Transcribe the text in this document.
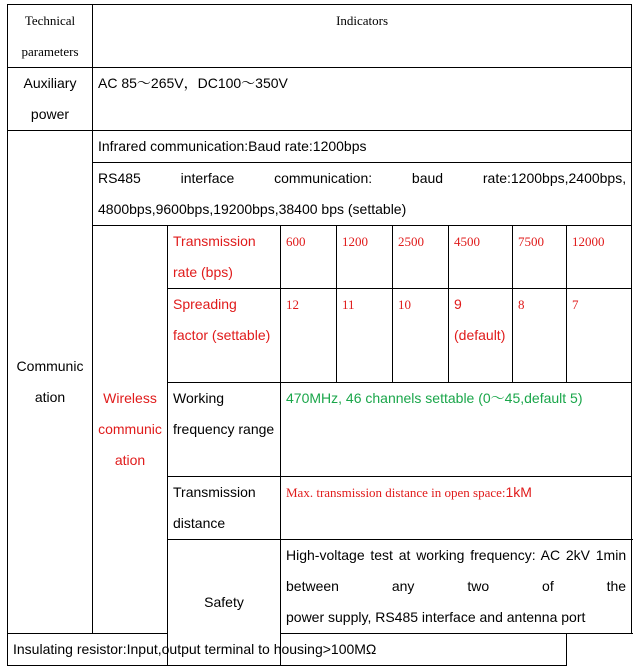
Technical parameters	Indicators							
Auxiliary power	AC 85～265V，DC100～350V							
Communication	Infrared communication:Baud rate:1200bps							

	RS485 interface communication: baud rate:1200bps,2400bps,
4800bps,9600bps,19200bps,38400 bps (settable)							

	Wireless communication	Transmission rate (bps)	600	1200	2500	4500	7500	12000
		Spreading factor (settable)	12	11	10	9 (default)	8	7
		Working frequency range	470MHz, 46 channels settable (0～45,default 5)					
		Transmission distance	Max. transmission distance in open space:1kM					
		Safety	High-voltage test at working frequency: AC 2kV 1min between any two of the
power supply, RS485 interface and antenna port					

Insulating resistor:Input,output terminal to housing>100MΩ								
